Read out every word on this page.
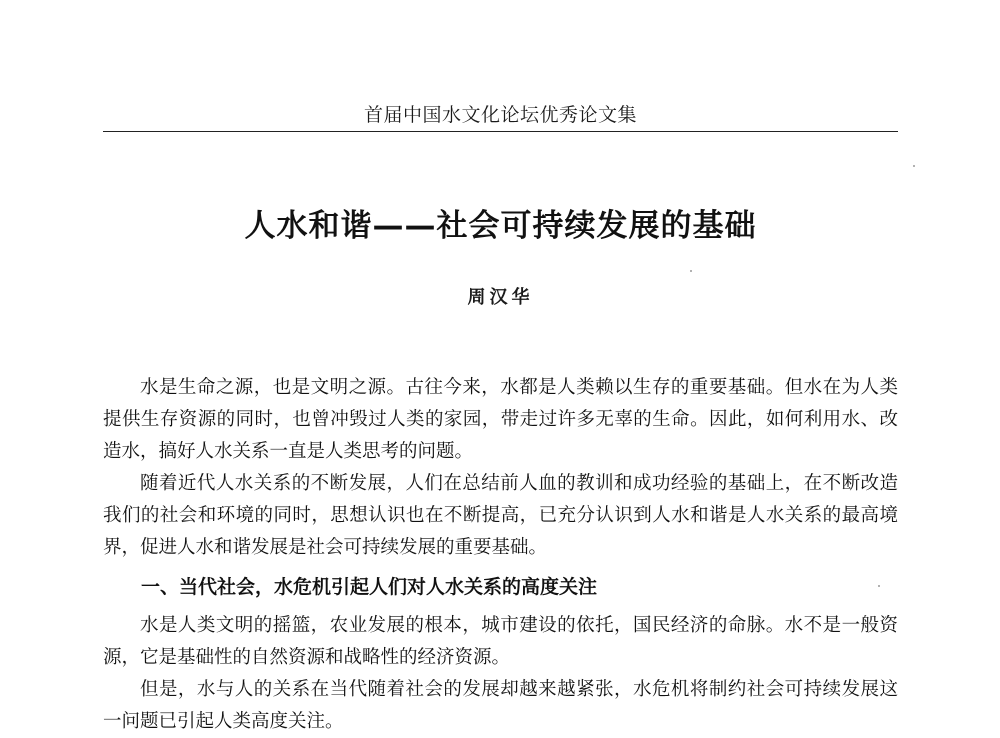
首届中国水文化论坛优秀论文集
人水和谐——社会可持续发展的基础
周汉华

水是生命之源，也是文明之源。古往今来，水都是人类赖以生存的重要基础。但水在为人类提供生存资源的同时，也曾冲毁过人类的家园，带走过许多无辜的生命。因此，如何利用水、改造水，搞好人水关系一直是人类思考的问题。

随着近代人水关系的不断发展，人们在总结前人血的教训和成功经验的基础上，在不断改造我们的社会和环境的同时，思想认识也在不断提高，已充分认识到人水和谐是人水关系的最高境界，促进人水和谐发展是社会可持续发展的重要基础。

一、当代社会，水危机引起人们对人水关系的高度关注

水是人类文明的摇篮，农业发展的根本，城市建设的依托，国民经济的命脉。水不是一般资源，它是基础性的自然资源和战略性的经济资源。

但是，水与人的关系在当代随着社会的发展却越来越紧张，水危机将制约社会可持续发展这一问题已引起人类高度关注。
